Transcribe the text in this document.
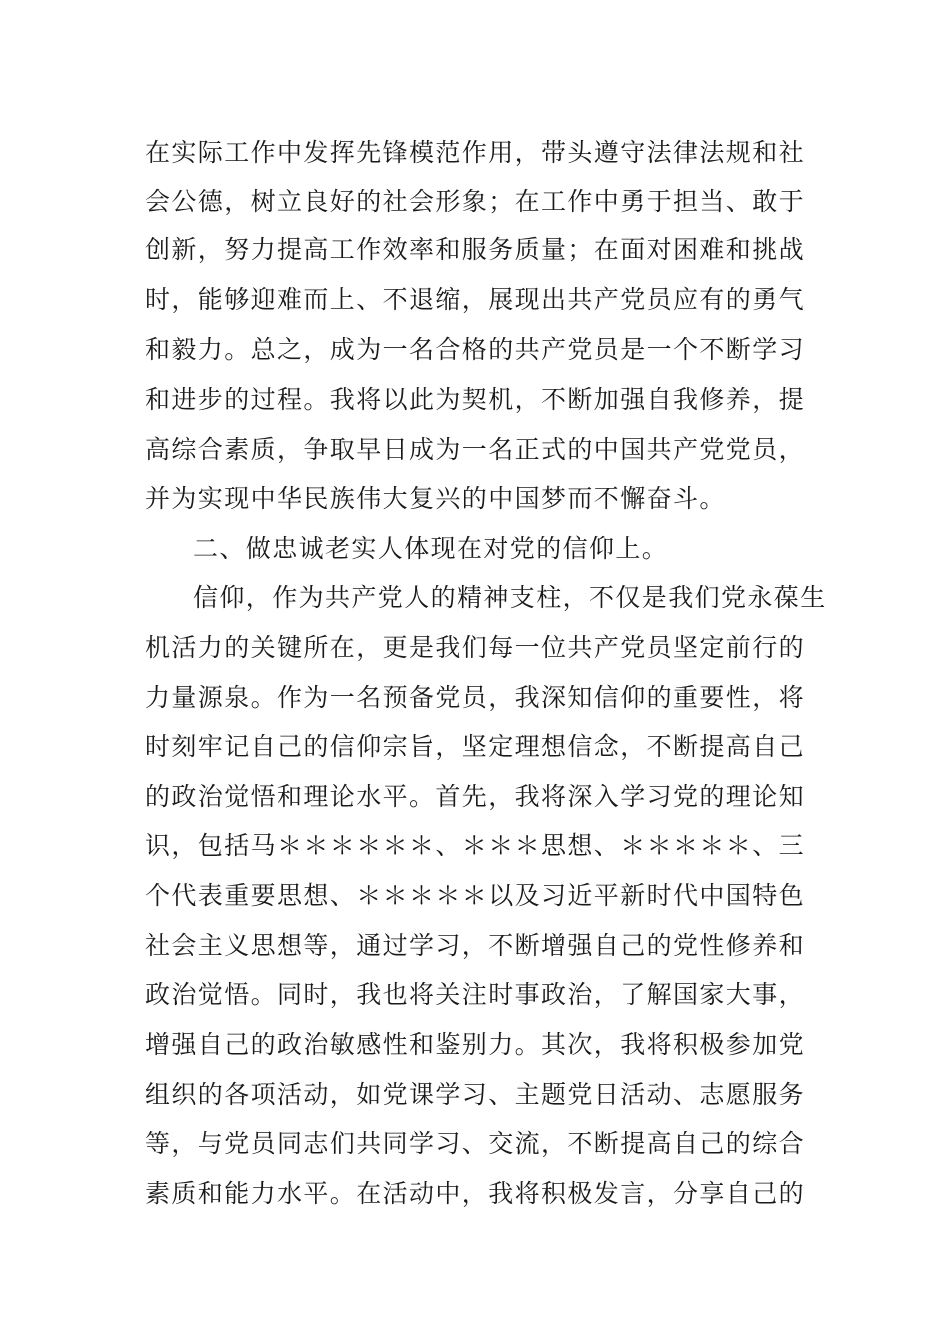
在实际工作中发挥先锋模范作用，带头遵守法律法规和社
会公德，树立良好的社会形象；在工作中勇于担当、敢于
创新，努力提高工作效率和服务质量；在面对困难和挑战
时，能够迎难而上、不退缩，展现出共产党员应有的勇气
和毅力。总之，成为一名合格的共产党员是一个不断学习
和进步的过程。我将以此为契机，不断加强自我修养，提
高综合素质，争取早日成为一名正式的中国共产党党员，
并为实现中华民族伟大复兴的中国梦而不懈奋斗。
二、做忠诚老实人体现在对党的信仰上。
信仰，作为共产党人的精神支柱，不仅是我们党永葆生
机活力的关键所在，更是我们每一位共产党员坚定前行的
力量源泉。作为一名预备党员，我深知信仰的重要性，将
时刻牢记自己的信仰宗旨，坚定理想信念，不断提高自己
的政治觉悟和理论水平。首先，我将深入学习党的理论知
识，包括马＊＊＊＊＊＊、＊＊＊思想、＊＊＊＊＊、三
个代表重要思想、＊＊＊＊＊以及习近平新时代中国特色
社会主义思想等，通过学习，不断增强自己的党性修养和
政治觉悟。同时，我也将关注时事政治，了解国家大事，
增强自己的政治敏感性和鉴别力。其次，我将积极参加党
组织的各项活动，如党课学习、主题党日活动、志愿服务
等，与党员同志们共同学习、交流，不断提高自己的综合
素质和能力水平。在活动中，我将积极发言，分享自己的
